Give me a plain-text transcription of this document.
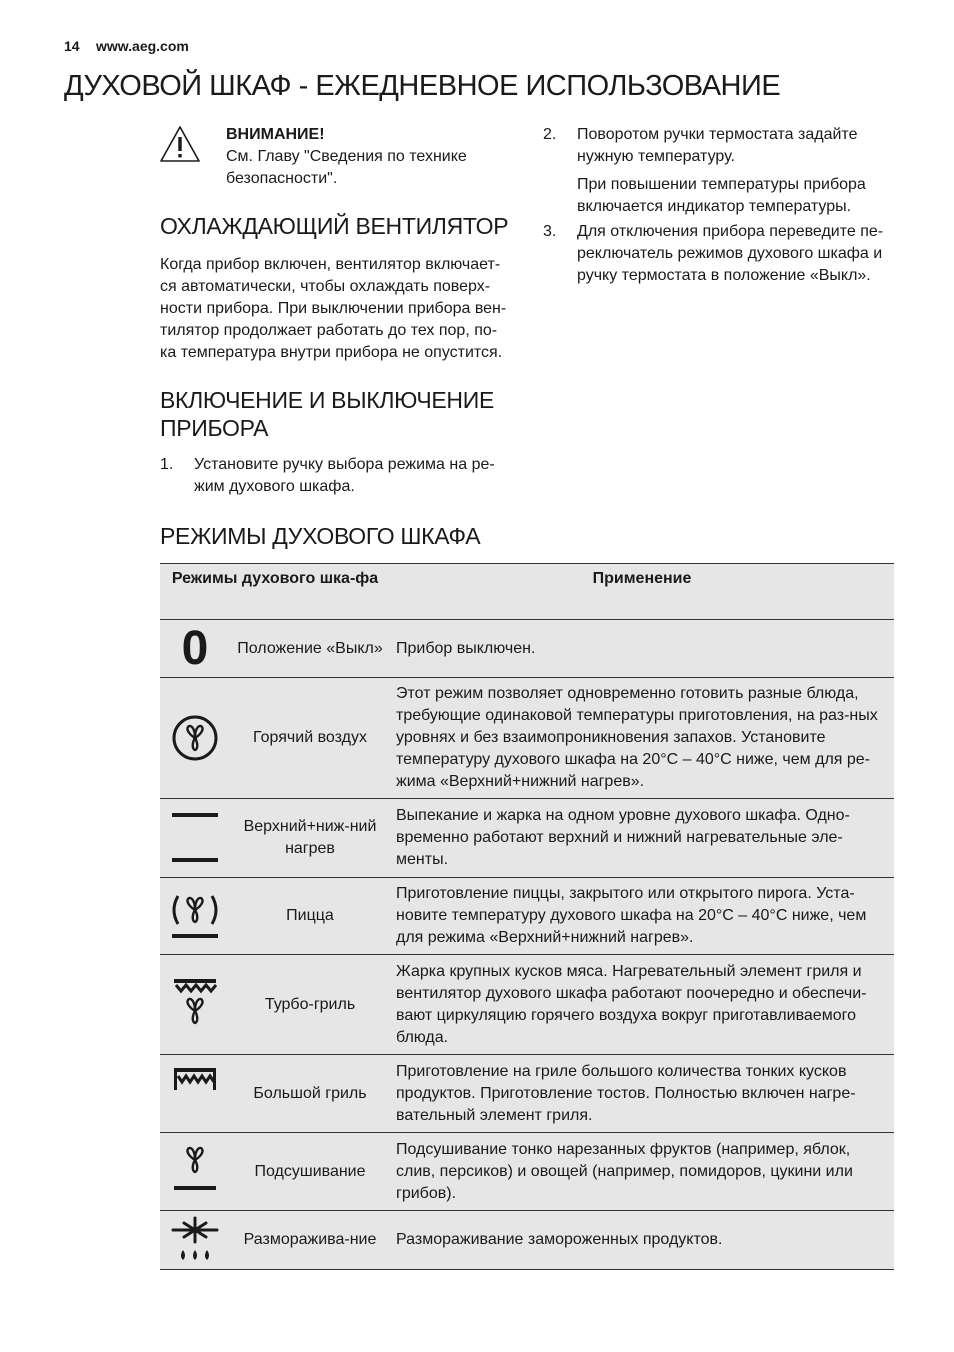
14 www.aeg.com
ДУХОВОЙ ШКАФ - ЕЖЕДНЕВНОЕ ИСПОЛЬЗОВАНИЕ
ВНИМАНИЕ!
См. Главу "Сведения по технике безопасности".
ОХЛАЖДАЮЩИЙ ВЕНТИЛЯТОР
Когда прибор включен, вентилятор включает-ся автоматически, чтобы охлаждать поверх-ности прибора. При выключении прибора вен-тилятор продолжает работать до тех пор, по-ка температура внутри прибора не опустится.
ВКЛЮЧЕНИЕ И ВЫКЛЮЧЕНИЕ
ПРИБОРА
1. Установите ручку выбора режима на ре-жим духового шкафа.
2. Поворотом ручки термостата задайте нужную температуру.
При повышении температуры прибора включается индикатор температуры.
3. Для отключения прибора переведите пе-реключатель режимов духового шкафа и ручку термостата в положение «Выкл».
РЕЖИМЫ ДУХОВОГО ШКАФА
Режимы духового шка-фа		Применение
0	Положение «Выкл»	Прибор выключен.

	Горячий воздух	Этот режим позволяет одновременно готовить разные блюда, требующие одинаковой температуры приготовления, на раз-ных уровнях и без взаимопроникновения запахов. Установите температуру духового шкафа на 20°C – 40°C ниже, чем для ре-жима «Верхний+нижний нагрев».

	Верхний+ниж-ний нагрев	Выпекание и жарка на одном уровне духового шкафа. Одно-временно работают верхний и нижний нагревательные эле-менты.

	Пицца	Приготовление пиццы, закрытого или открытого пирога. Уста-новите температуру духового шкафа на 20°C – 40°C ниже, чем для режима «Верхний+нижний нагрев».

	Турбо-гриль	Жарка крупных кусков мяса. Нагревательный элемент гриля и вентилятор духового шкафа работают поочередно и обеспечи-вают циркуляцию горячего воздуха вокруг приготавливаемого блюда.

	Большой гриль	Приготовление на гриле большого количества тонких кусков продуктов. Приготовление тостов. Полностью включен нагре-вательный элемент гриля.

	Подсушивание	Подсушивание тонко нарезанных фруктов (например, яблок, слив, персиков) и овощей (например, помидоров, цукини или грибов).

	Разморажива-ние	Размораживание замороженных продуктов.
